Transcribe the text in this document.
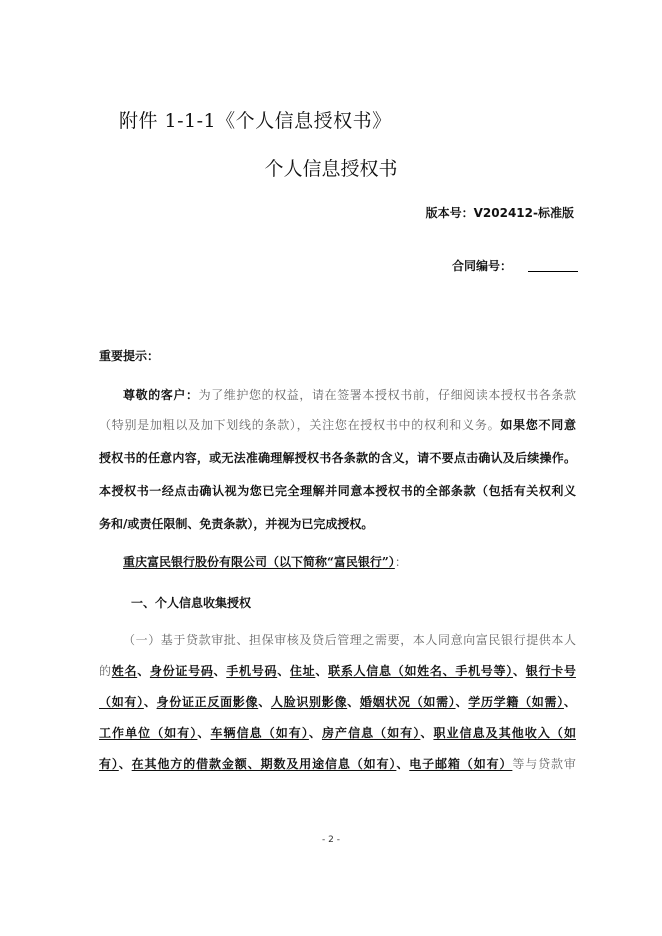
附件 1-1-1《个人信息授权书》
个人信息授权书
版本号：V202412-标准版
合同编号：
重要提示：
尊敬的客户：为了维护您的权益，请在签署本授权书前，仔细阅读本授权书各条款
（特别是加粗以及加下划线的条款），关注您在授权书中的权利和义务。如果您不同意
授权书的任意内容，或无法准确理解授权书各条款的含义，请不要点击确认及后续操作。
本授权书一经点击确认视为您已完全理解并同意本授权书的全部条款（包括有关权利义
务和/或责任限制、免责条款），并视为已完成授权。
重庆富民银行股份有限公司（以下简称“富民银行”）：
一、个人信息收集授权
（一）基于贷款审批、担保审核及贷后管理之需要，本人同意向富民银行提供本人
的姓名、身份证号码、手机号码、住址、联系人信息（如姓名、手机号等）、银行卡号
（如有）、身份证正反面影像、人脸识别影像、婚姻状况（如需）、学历学籍（如需）、
工作单位（如有）、车辆信息（如有）、房产信息（如有）、职业信息及其他收入（如
有）、在其他方的借款金额、期数及用途信息（如有）、电子邮箱（如有）等与贷款审
- 2 -
